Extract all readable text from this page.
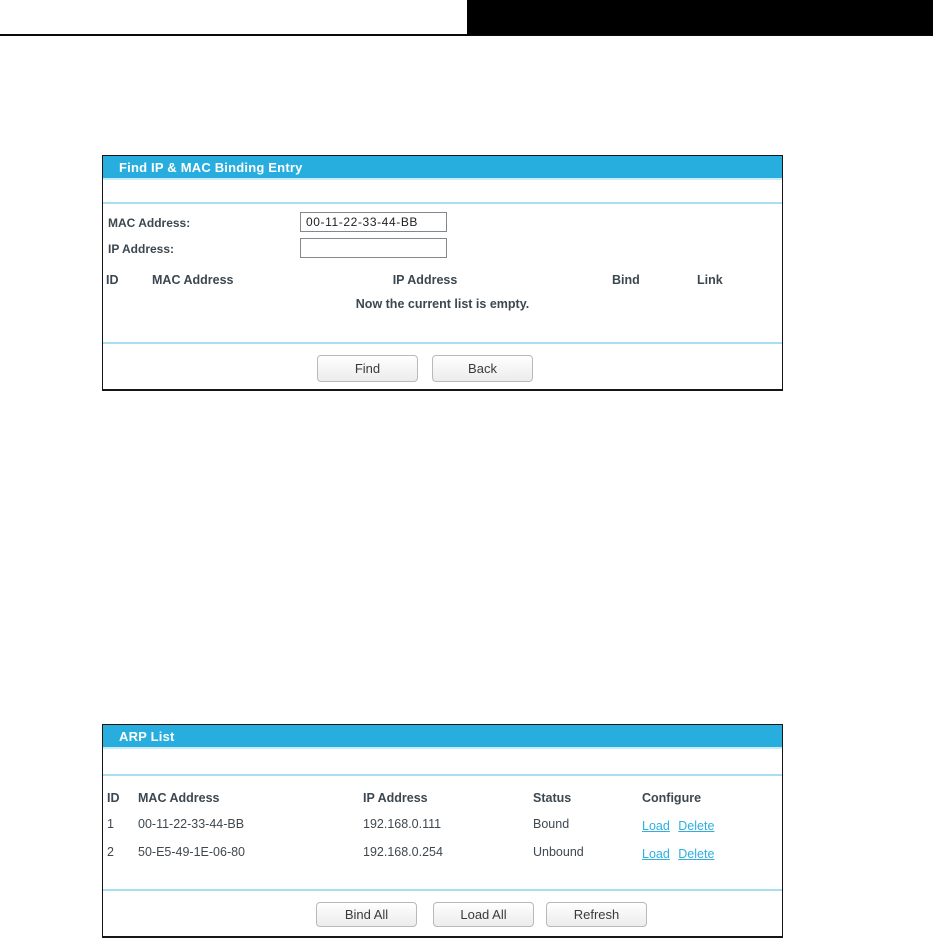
Find IP & MAC Binding Entry
MAC Address:
00-11-22-33-44-BB
IP Address:
ID	MAC Address	IP Address	Bind	Link
Now the current list is empty.
Find	Back
ARP List
ID MAC Address	IP Address	Status	Configure
1 00-11-22-33-44-BB	192.168.0.111	Bound	Load Delete
2 50-E5-49-1E-06-80	192.168.0.254	Unbound	Load Delete
Bind All	Load All	Refresh
